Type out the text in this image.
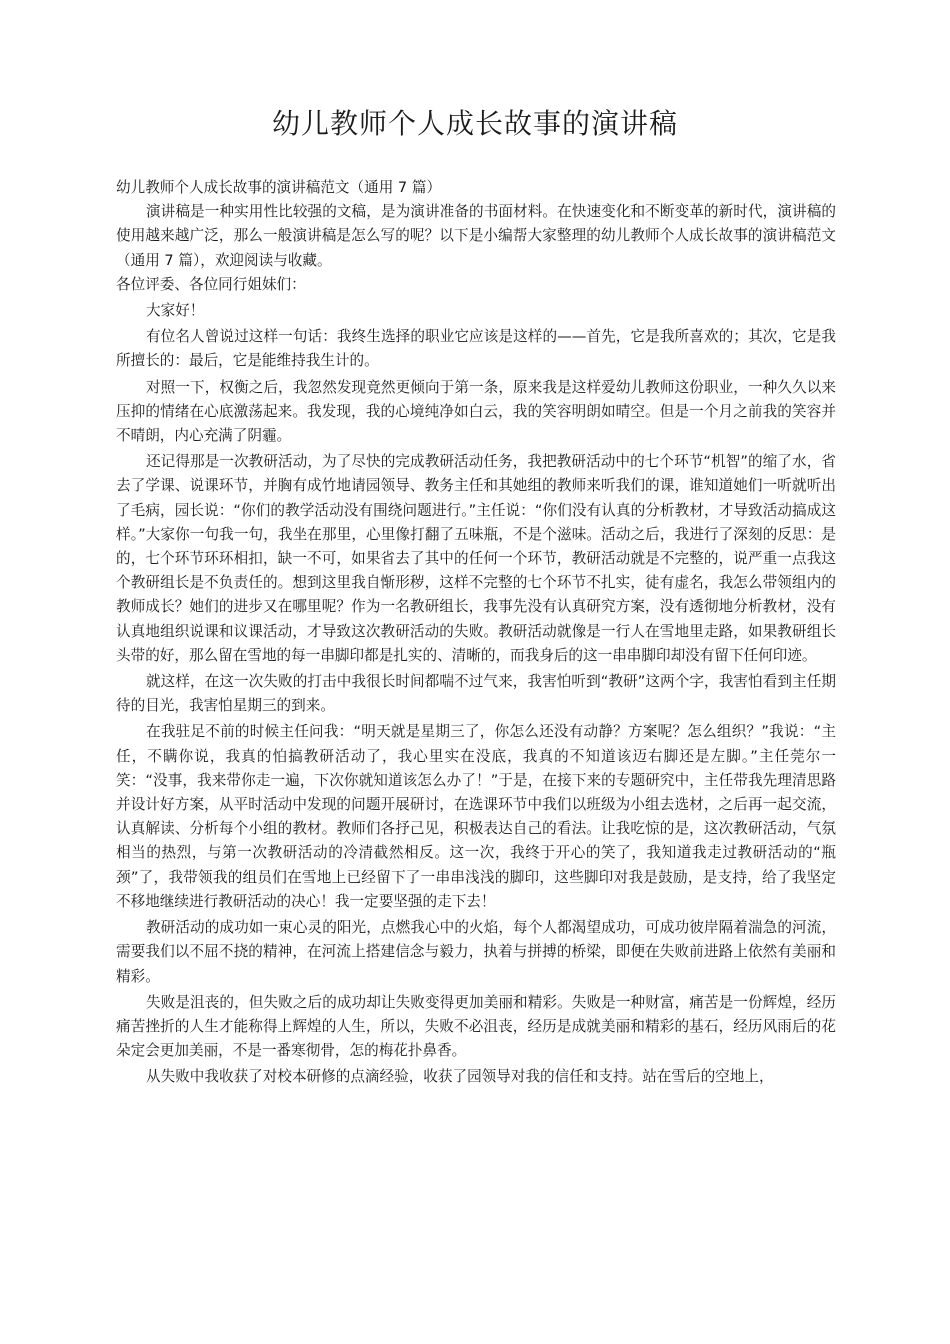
幼儿教师个人成长故事的演讲稿

幼儿教师个人成长故事的演讲稿范文（通用 7 篇）

演讲稿是一种实用性比较强的文稿，是为演讲准备的书面材料。在快速变化和不断变革的新时代，演讲稿的使用越来越广泛，那么一般演讲稿是怎么写的呢？以下是小编帮大家整理的幼儿教师个人成长故事的演讲稿范文（通用 7 篇），欢迎阅读与收藏。

各位评委、各位同行姐妹们：

大家好！

有位名人曾说过这样一句话：我终生选择的职业它应该是这样的——首先，它是我所喜欢的；其次，它是我所擅长的：最后，它是能维持我生计的。

对照一下，权衡之后，我忽然发现竟然更倾向于第一条，原来我是这样爱幼儿教师这份职业，一种久久以来压抑的情绪在心底激荡起来。我发现，我的心境纯净如白云，我的笑容明朗如晴空。但是一个月之前我的笑容并不晴朗，内心充满了阴霾。

还记得那是一次教研活动，为了尽快的完成教研活动任务，我把教研活动中的七个环节“机智”的缩了水，省去了学课、说课环节，并胸有成竹地请园领导、教务主任和其她组的教师来听我们的课，谁知道她们一听就听出了毛病，园长说：“你们的教学活动没有围绕问题进行。”主任说：“你们没有认真的分析教材，才导致活动搞成这样。”大家你一句我一句，我坐在那里，心里像打翻了五味瓶，不是个滋味。活动之后，我进行了深刻的反思：是的，七个环节环环相扣，缺一不可，如果省去了其中的任何一个环节，教研活动就是不完整的，说严重一点我这个教研组长是不负责任的。想到这里我自惭形秽，这样不完整的七个环节不扎实，徒有虚名，我怎么带领组内的教师成长？她们的进步又在哪里呢？作为一名教研组长，我事先没有认真研究方案，没有透彻地分析教材，没有认真地组织说课和议课活动，才导致这次教研活动的失败。教研活动就像是一行人在雪地里走路，如果教研组长头带的好，那么留在雪地的每一串脚印都是扎实的、清晰的，而我身后的这一串串脚印却没有留下任何印迹。

就这样，在这一次失败的打击中我很长时间都喘不过气来，我害怕听到“教研”这两个字，我害怕看到主任期待的目光，我害怕星期三的到来。

在我驻足不前的时候主任问我：“明天就是星期三了，你怎么还没有动静？方案呢？怎么组织？”我说：“主任，不瞒你说，我真的怕搞教研活动了，我心里实在没底，我真的不知道该迈右脚还是左脚。”主任莞尔一笑：“没事，我来带你走一遍，下次你就知道该怎么办了！”于是，在接下来的专题研究中，主任带我先理清思路并设计好方案，从平时活动中发现的问题开展研讨，在选课环节中我们以班级为小组去选材，之后再一起交流，认真解读、分析每个小组的教材。教师们各抒己见，积极表达自己的看法。让我吃惊的是，这次教研活动，气氛相当的热烈，与第一次教研活动的冷清截然相反。这一次，我终于开心的笑了，我知道我走过教研活动的“瓶颈”了，我带领我的组员们在雪地上已经留下了一串串浅浅的脚印，这些脚印对我是鼓励，是支持，给了我坚定不移地继续进行教研活动的决心！我一定要坚强的走下去！

教研活动的成功如一束心灵的阳光，点燃我心中的火焰，每个人都渴望成功，可成功彼岸隔着湍急的河流，需要我们以不屈不挠的精神，在河流上搭建信念与毅力，执着与拼搏的桥梁，即便在失败前进路上依然有美丽和精彩。

失败是沮丧的，但失败之后的成功却让失败变得更加美丽和精彩。失败是一种财富，痛苦是一份辉煌，经历痛苦挫折的人生才能称得上辉煌的人生，所以，失败不必沮丧，经历是成就美丽和精彩的基石，经历风雨后的花朵定会更加美丽，不是一番寒彻骨，怎的梅花扑鼻香。

从失败中我收获了对校本研修的点滴经验，收获了园领导对我的信任和支持。站在雪后的空地上，
